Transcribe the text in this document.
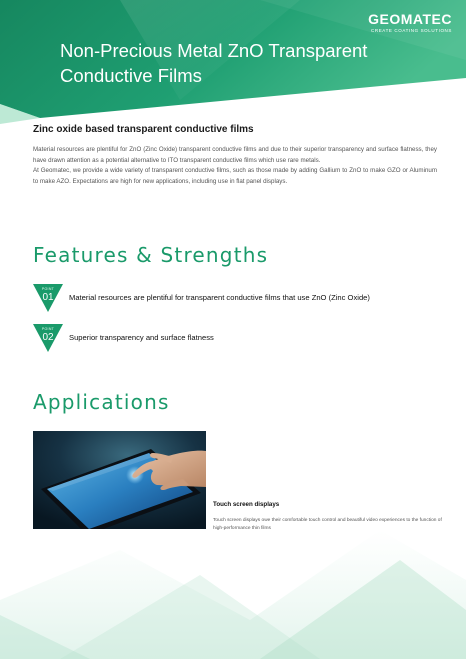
GEOMATEC
CREATE COATING SOLUTIONS
Non-Precious Metal ZnO Transparent
Conductive Films
Zinc oxide based transparent conductive films

Material resources are plentiful for ZnO (Zinc Oxide) transparent conductive films and due to their superior transparency and surface flatness, they have drawn attention as a potential alternative to ITO transparent conductive films which use rare metals.

At Geomatec, we provide a wide variety of transparent conductive films, such as those made by adding Gallium to ZnO to make GZO or Aluminum to make AZO. Expectations are high for new applications, including use in flat panel displays.

Features & Strengths
POINT
01	Material resources are plentiful for transparent conductive films that use ZnO (Zinc Oxide)
POINT
02	Superior transparency and surface flatness
Applications
Touch screen displays
Touch screen displays owe their comfortable touch control and beautiful video experiences to the function of high-performance thin films
